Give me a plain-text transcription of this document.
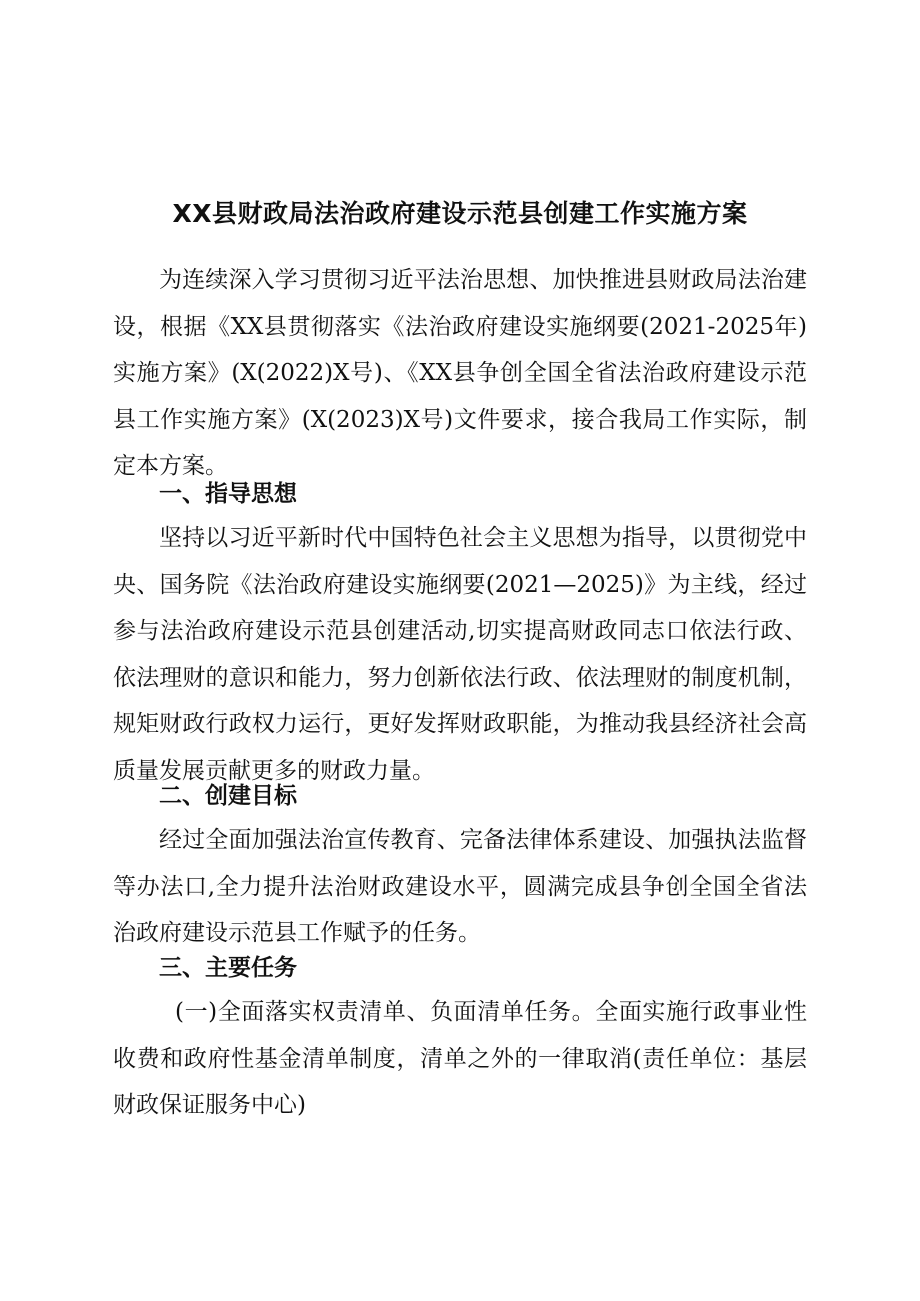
XX县财政局法治政府建设示范县创建工作实施方案

为连续深入学习贯彻习近平法治思想、加快推进县财政局法治建设，根据《XX县贯彻落实《法治政府建设实施纲要(2021-2025年)实施方案》(X(2022)X号)、《XX县争创全国全省法治政府建设示范县工作实施方案》(X(2023)X号)文件要求，接合我局工作实际，制定本方案。

一、指导思想

坚持以习近平新时代中国特色社会主义思想为指导，以贯彻党中央、国务院《法治政府建设实施纲要(2021—2025)》为主线，经过参与法治政府建设示范县创建活动,切实提高财政同志口依法行政、依法理财的意识和能力，努力创新依法行政、依法理财的制度机制，规矩财政行政权力运行，更好发挥财政职能，为推动我县经济社会高质量发展贡献更多的财政力量。

二、创建目标

经过全面加强法治宣传教育、完备法律体系建设、加强执法监督等办法口,全力提升法治财政建设水平，圆满完成县争创全国全省法治政府建设示范县工作赋予的任务。

三、主要任务

(一)全面落实权责清单、负面清单任务。全面实施行政事业性收费和政府性基金清单制度，清单之外的一律取消(责任单位：基层财政保证服务中心)
